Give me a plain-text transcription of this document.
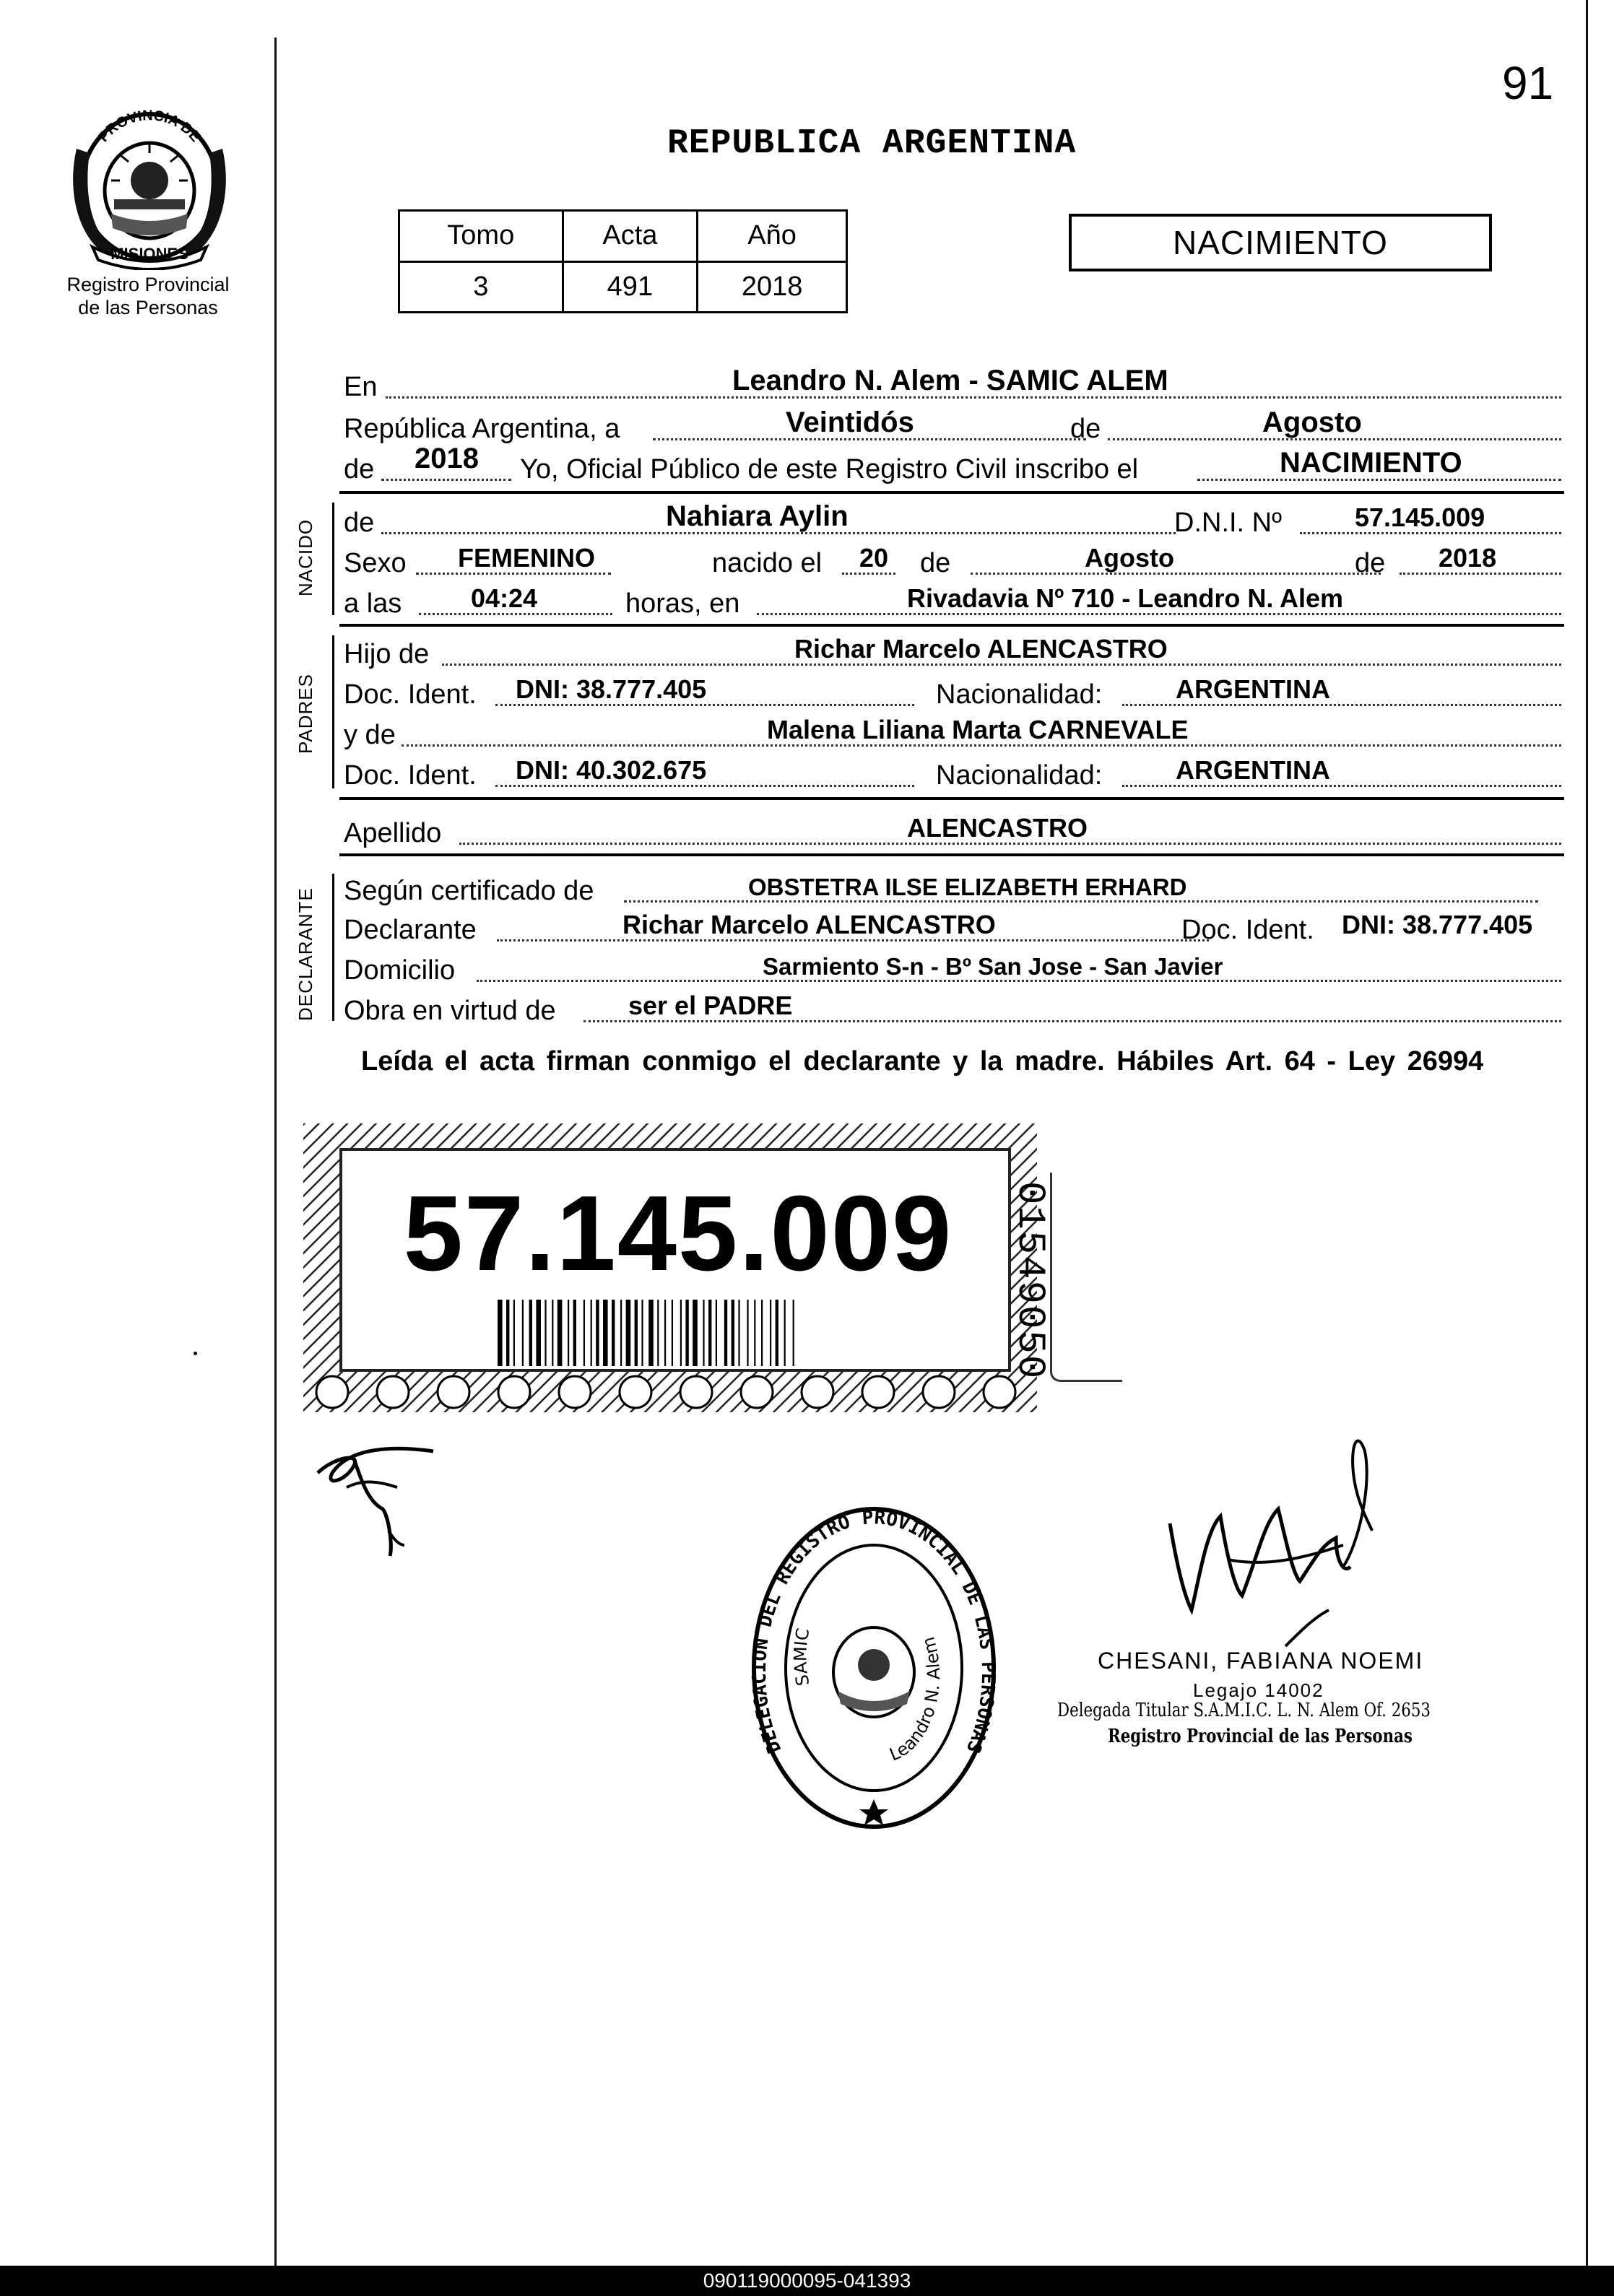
91
REPUBLICA ARGENTINA
MISIONES
PROVINCIA DE
Registro Provincial
de las Personas
Tomo	Acta	Año
3	491	2018
NACIMIENTO
En	Leandro N. Alem - SAMIC ALEM
República Argentina, a	Veintidós	de	Agosto
de 2018 Yo, Oficial Público de este Registro Civil inscribo el	NACIMIENTO
NACIDO de	Nahiara Aylin	D.N.I. Nº	57.145.009
Sexo FEMENINO	nacido el 20 de	Agosto	de 2018
a las	04:24	horas, en	Rivadavia Nº 710 - Leandro N. Alem
PADRES
Hijo de	Richar Marcelo ALENCASTRO
Doc. Ident. DNI: 38.777.405	Nacionalidad:	ARGENTINA
y de	Malena Liliana Marta CARNEVALE
Doc. Ident. DNI: 40.302.675	Nacionalidad:	ARGENTINA
Apellido	ALENCASTRO
DECLARANTE Según certificado de	OBSTETRA ILSE ELIZABETH ERHARD
Declarante	Richar Marcelo ALENCASTRO	Doc. Ident. DNI: 38.777.405
Domicilio	Sarmiento S-n - Bº San Jose - San Javier
Obra en virtud de	ser el PADRE
Leída el acta firman conmigo el declarante y la madre. Hábiles Art. 64 - Ley 26994
57.145.009	01549050
DELEGACION DEL REGISTRO PROVINCIAL DE LAS PERSONAS
SAMIC
Leandro N. Alem
CHESANI, FABIANA NOEMI
Legajo 14002
Delegada Titular S.A.M.I.C. L. N. Alem Of. 2653
Registro Provincial de las Personas
090119000095-041393
